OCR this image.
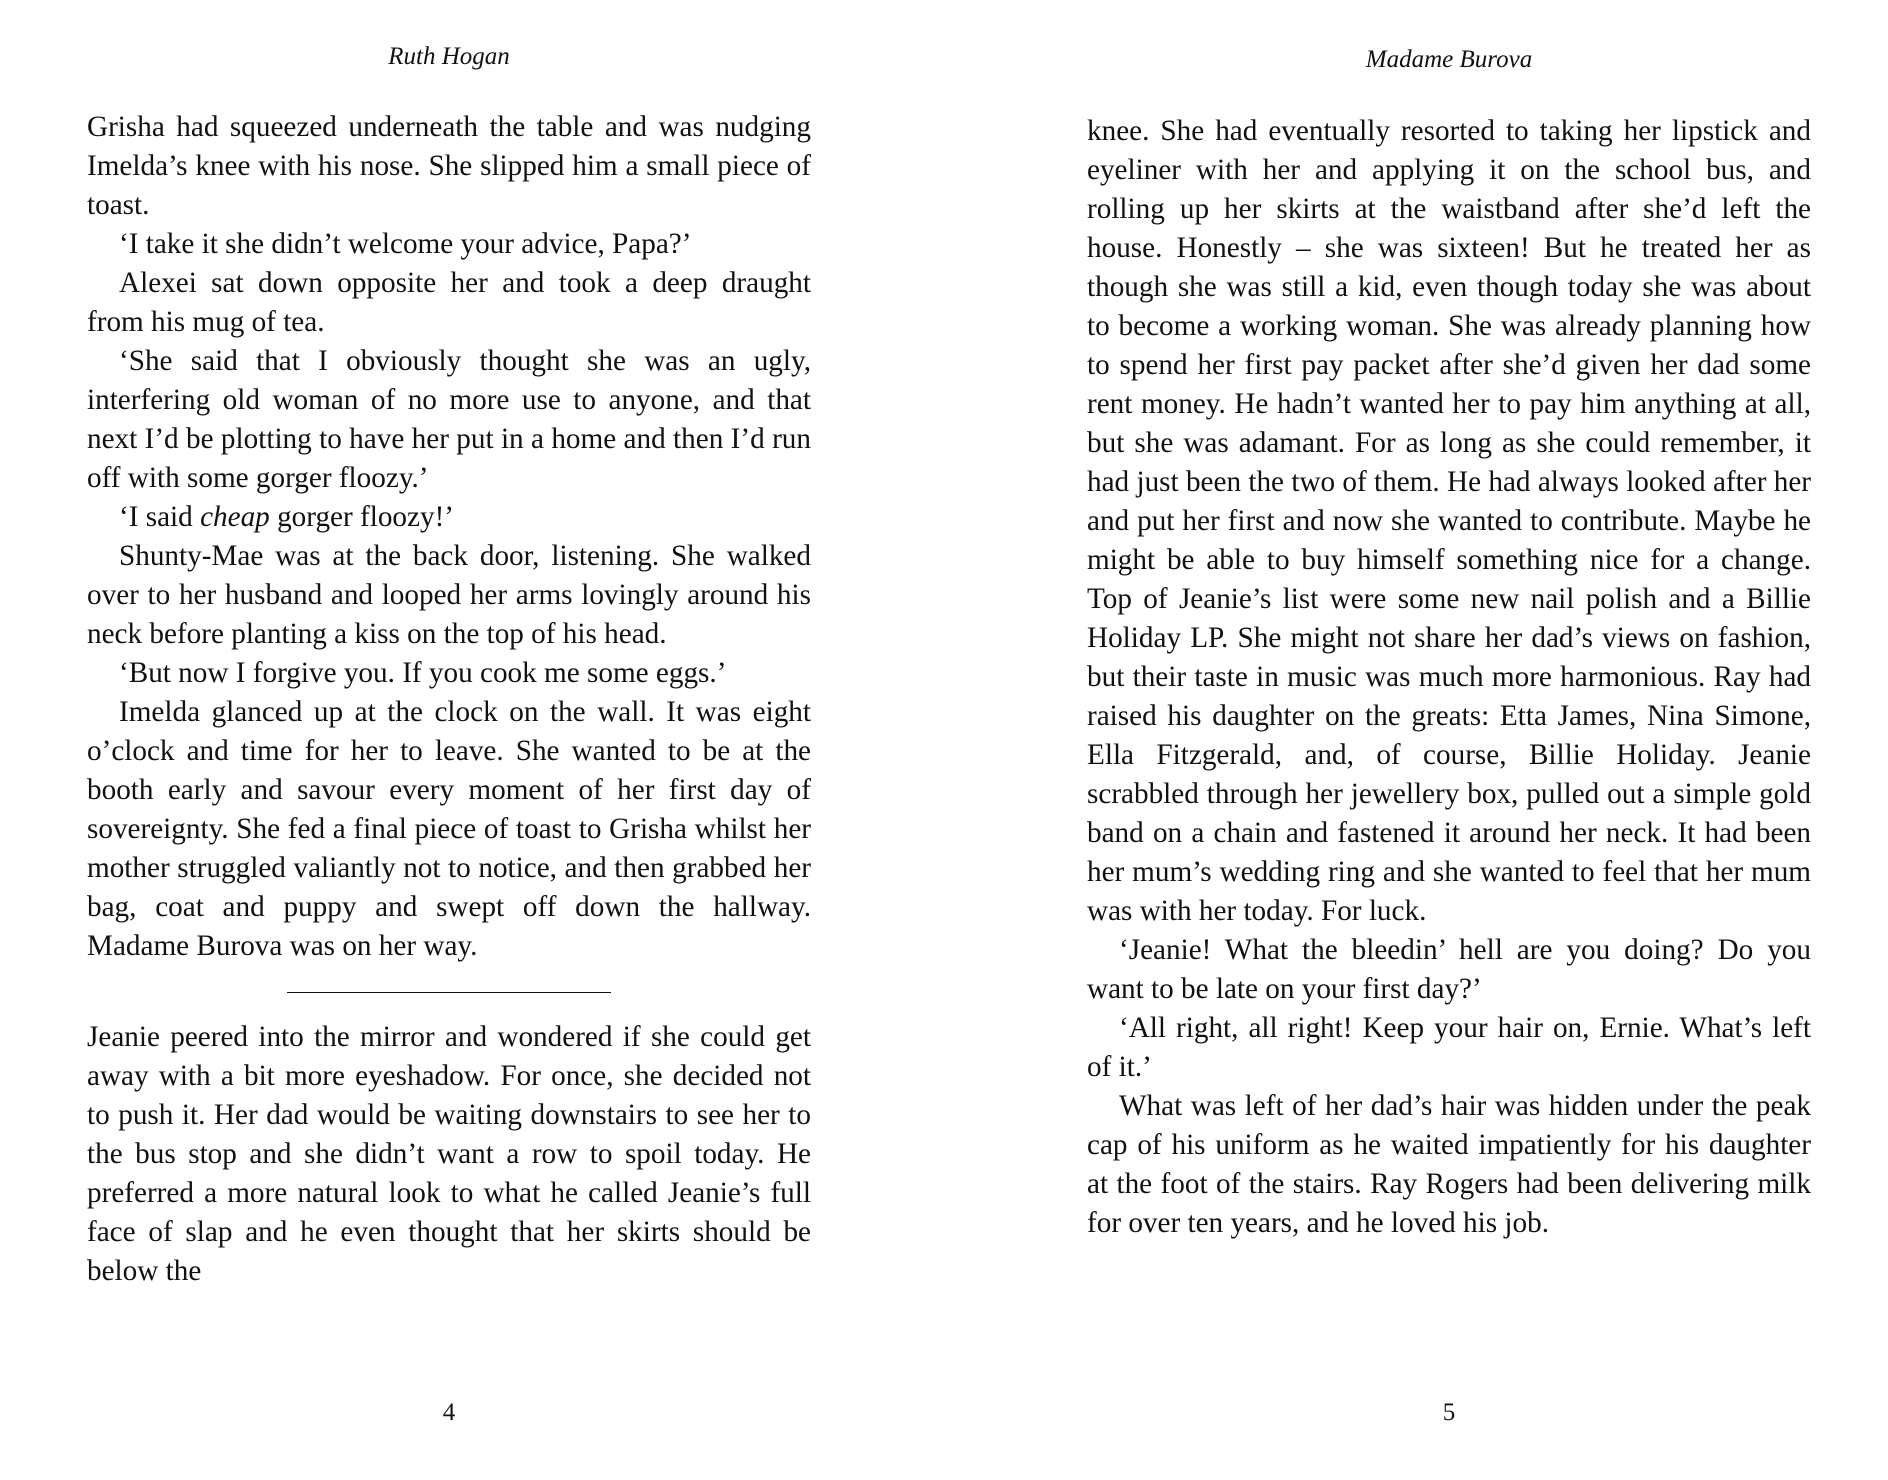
Ruth Hogan

Grisha had squeezed underneath the table and was nudging Imelda’s knee with his nose. She slipped him a small piece of toast.

‘I take it she didn’t welcome your advice, Papa?’

Alexei sat down opposite her and took a deep draught from his mug of tea.

‘She said that I obviously thought she was an ugly, interfering old woman of no more use to anyone, and that next I’d be plotting to have her put in a home and then I’d run off with some gorger floozy.’

‘I said cheap gorger floozy!’

Shunty-Mae was at the back door, listening. She walked over to her husband and looped her arms lovingly around his neck before planting a kiss on the top of his head.

‘But now I forgive you. If you cook me some eggs.’

Imelda glanced up at the clock on the wall. It was eight o’clock and time for her to leave. She wanted to be at the booth early and savour every moment of her first day of sovereignty. She fed a final piece of toast to Grisha whilst her mother struggled valiantly not to notice, and then grabbed her bag, coat and puppy and swept off down the hallway. Madame Burova was on her way.

Jeanie peered into the mirror and wondered if she could get away with a bit more eyeshadow. For once, she decided not to push it. Her dad would be waiting downstairs to see her to the bus stop and she didn’t want a row to spoil today. He preferred a more natural look to what he called Jeanie’s full face of slap and he even thought that her skirts should be below the

4
Madame Burova

knee. She had eventually resorted to taking her lipstick and eyeliner with her and applying it on the school bus, and rolling up her skirts at the waistband after she’d left the house. Honestly – she was sixteen! But he treated her as though she was still a kid, even though today she was about to become a working woman. She was already planning how to spend her first pay packet after she’d given her dad some rent money. He hadn’t wanted her to pay him anything at all, but she was adamant. For as long as she could remember, it had just been the two of them. He had always looked after her and put her first and now she wanted to contribute. Maybe he might be able to buy himself something nice for a change. Top of Jeanie’s list were some new nail polish and a Billie Holiday LP. She might not share her dad’s views on fashion, but their taste in music was much more harmonious. Ray had raised his daughter on the greats: Etta James, Nina Simone, Ella Fitzgerald, and, of course, Billie Holiday. Jeanie scrabbled through her jewellery box, pulled out a simple gold band on a chain and fastened it around her neck. It had been her mum’s wedding ring and she wanted to feel that her mum was with her today. For luck.

‘Jeanie! What the bleedin’ hell are you doing? Do you want to be late on your first day?’

‘All right, all right! Keep your hair on, Ernie. What’s left of it.’

What was left of her dad’s hair was hidden under the peak cap of his uniform as he waited impatiently for his daughter at the foot of the stairs. Ray Rogers had been delivering milk for over ten years, and he loved his job.

5
